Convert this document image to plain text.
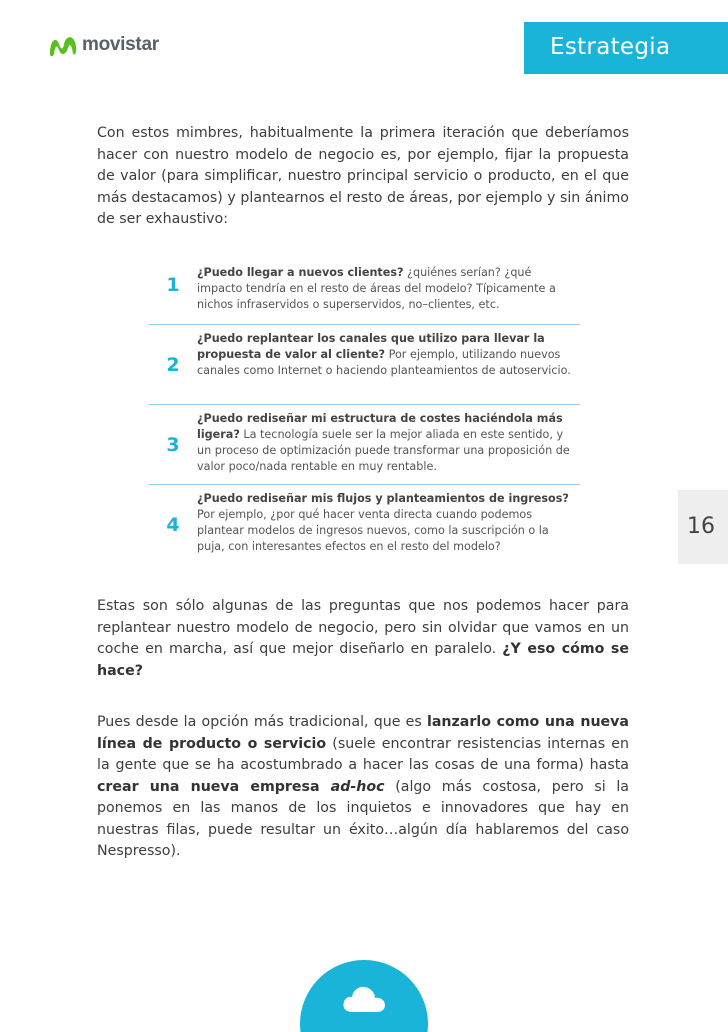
movistar	Estrategia
16

Con estos mimbres, habitualmente la primera iteración que deberíamos hacer con nuestro modelo de negocio es, por ejemplo, fijar la propuesta de valor (para simplificar, nuestro principal servicio o producto, en el que más destacamos) y plantearnos el resto de áreas, por ejemplo y sin ánimo de ser exhaustivo:

1
¿Puedo llegar a nuevos clientes? ¿quiénes serían? ¿qué impacto tendría en el resto de áreas del modelo? Típicamente a nichos infraservidos o superservidos, no–clientes, etc.
2
¿Puedo replantear los canales que utilizo para llevar la propuesta de valor al cliente? Por ejemplo, utilizando nuevos canales como Internet o haciendo planteamientos de autoservicio.
3
¿Puedo rediseñar mi estructura de costes haciéndola más ligera? La tecnología suele ser la mejor aliada en este sentido, y un proceso de optimización puede transformar una proposición de valor poco/nada rentable en muy rentable.
4
¿Puedo rediseñar mis flujos y planteamientos de ingresos? Por ejemplo, ¿por qué hacer venta directa cuando podemos plantear modelos de ingresos nuevos, como la suscripción o la puja, con interesantes efectos en el resto del modelo?

Estas son sólo algunas de las preguntas que nos podemos hacer para replantear nuestro modelo de negocio, pero sin olvidar que vamos en un coche en marcha, así que mejor diseñarlo en paralelo. ¿Y eso cómo se hace?

Pues desde la opción más tradicional, que es lanzarlo como una nueva línea de producto o servicio (suele encontrar resistencias internas en la gente que se ha acostumbrado a hacer las cosas de una forma) hasta crear una nueva empresa ad-hoc (algo más costosa, pero si la ponemos en las manos de los inquietos e innovadores que hay en nuestras filas, puede resultar un éxito…algún día hablaremos del caso Nespresso).
